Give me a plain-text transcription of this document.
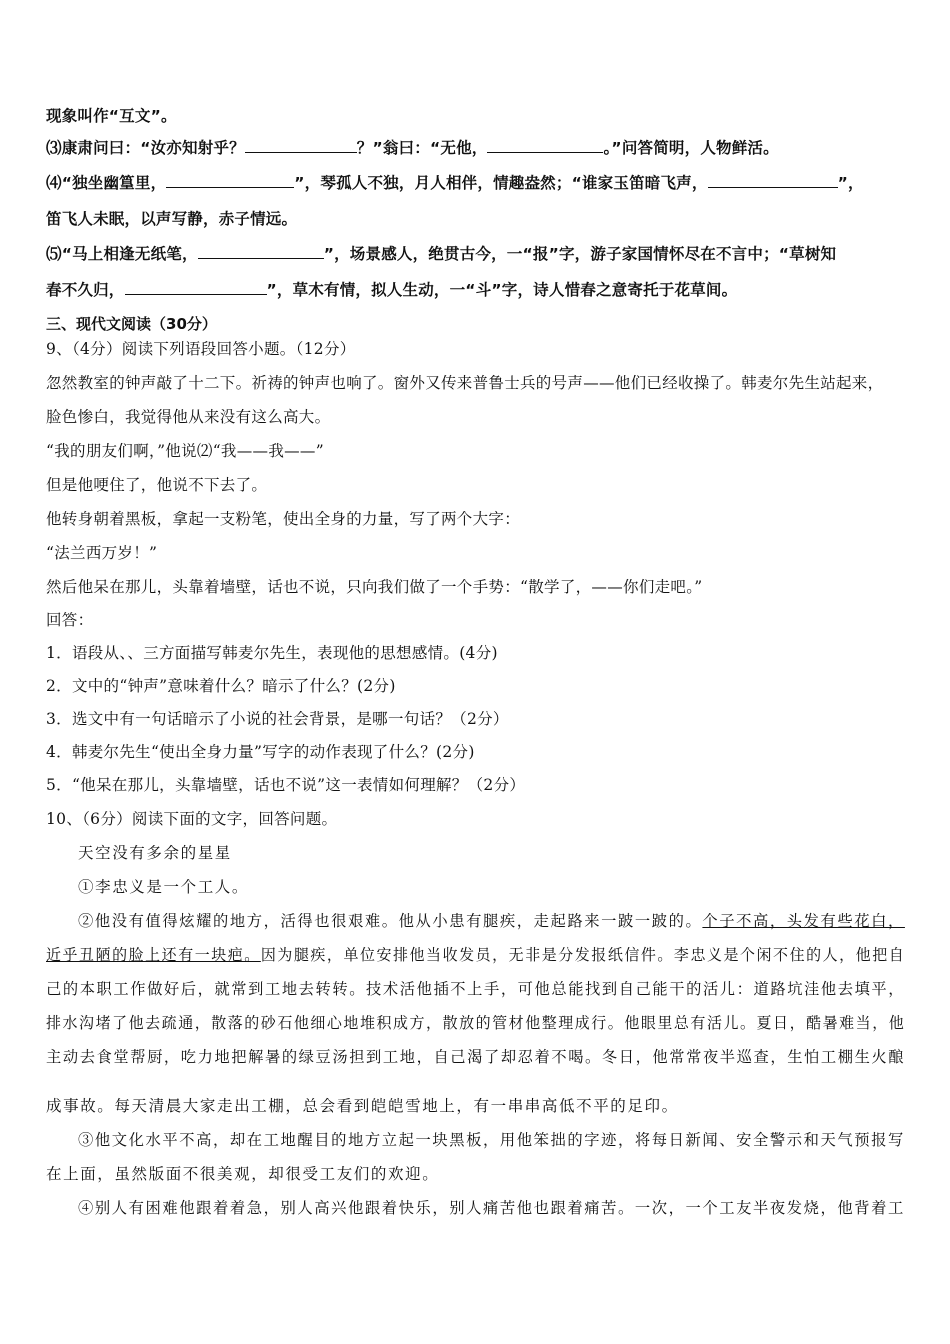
现象叫作“互文”。
⑶康肃问曰：“汝亦知射乎？	？”翁曰：“无他，	。”问答简明，人物鲜活。
⑷“独坐幽篁里，	”，琴孤人不独，月人相伴，情趣盎然；“谁家玉笛暗飞声，	”，
笛飞人未眠，以声写静，赤子情远。
⑸“马上相逢无纸笔，	”，场景感人，绝贯古今，一“报”字，游子家国情怀尽在不言中；“草树知
春不久归，	”，草木有情，拟人生动，一“斗”字，诗人惜春之意寄托于花草间。
三、现代文阅读（30分）
9、（4分）阅读下列语段回答小题。（12分）
忽然教室的钟声敲了十二下。祈祷的钟声也响了。窗外又传来普鲁士兵的号声——他们已经收操了。韩麦尔先生站起来，
脸色惨白，我觉得他从来没有这么高大。
“我的朋友们啊，”他说⑵“我——我——”
但是他哽住了，他说不下去了。
他转身朝着黑板，拿起一支粉笔，使出全身的力量，写了两个大字：
“法兰西万岁！”
然后他呆在那儿，头靠着墙壁，话也不说，只向我们做了一个手势：“散学了，——你们走吧。”
回答：
1．语段从、、三方面描写韩麦尔先生，表现他的思想感情。(4分)
2．文中的“钟声”意味着什么？暗示了什么？(2分)
3．选文中有一句话暗示了小说的社会背景，是哪一句话？（2分）
4．韩麦尔先生“使出全身力量”写字的动作表现了什么？(2分)
5．“他呆在那儿，头靠墙壁，话也不说”这一表情如何理解？（2分）
10、（6分）阅读下面的文字，回答问题。
天空没有多余的星星
①李忠义是一个工人。
②他没有值得炫耀的地方，活得也很艰难。他从小患有腿疾，走起路来一跛一跛的。个子不高，头发有些花白，
近乎丑陋的脸上还有一块疤。因为腿疾，单位安排他当收发员，无非是分发报纸信件。李忠义是个闲不住的人，他把自
己的本职工作做好后，就常到工地去转转。技术活他插不上手，可他总能找到自己能干的活儿：道路坑洼他去填平，
排水沟堵了他去疏通，散落的砂石他细心地堆积成方，散放的管材他整理成行。他眼里总有活儿。夏日，酷暑难当，他
主动去食堂帮厨，吃力地把解暑的绿豆汤担到工地，自己渴了却忍着不喝。冬日，他常常夜半巡查，生怕工棚生火酿
成事故。每天清晨大家走出工棚，总会看到皑皑雪地上，有一串串高低不平的足印。
③他文化水平不高，却在工地醒目的地方立起一块黑板，用他笨拙的字迹，将每日新闻、安全警示和天气预报写
在上面，虽然版面不很美观，却很受工友们的欢迎。
④别人有困难他跟着着急，别人高兴他跟着快乐，别人痛苦他也跟着痛苦。一次，一个工友半夜发烧，他背着工
